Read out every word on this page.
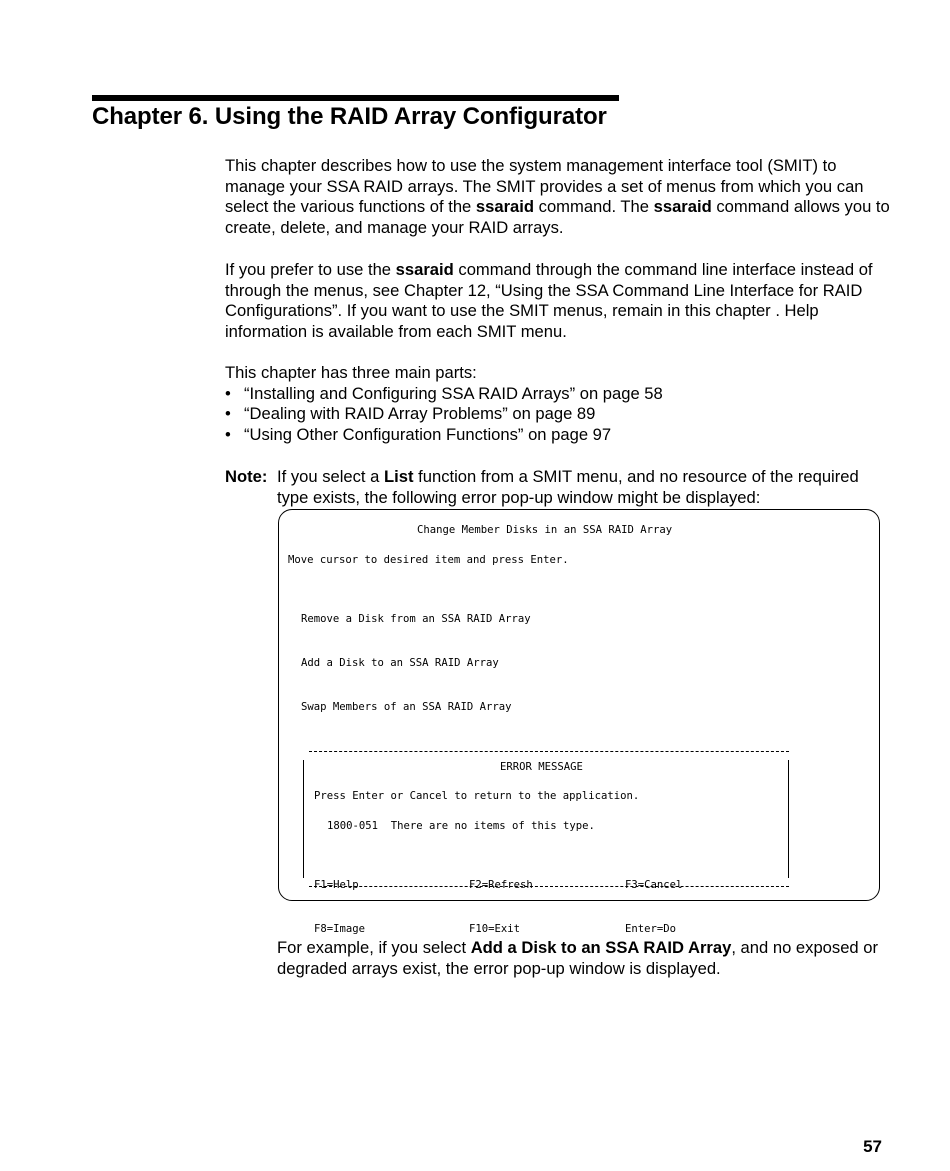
Chapter 6. Using the RAID Array Configurator

This chapter describes how to use the system management interface tool (SMIT) to manage your SSA RAID arrays. The SMIT provides a set of menus from which you can select the various functions of the ssaraid command. The ssaraid command allows you to create, delete, and manage your RAID arrays.

If you prefer to use the ssaraid command through the command line interface instead of through the menus, see Chapter 12, “Using the SSA Command Line Interface for RAID Configurations”. If you want to use the SMIT menus, remain in this chapter . Help information is available from each SMIT menu.

This chapter has three main parts:

• “Installing and Configuring SSA RAID Arrays” on page 58
• “Dealing with RAID Array Problems” on page 89
• “Using Other Configuration Functions” on page 97
Note: If you select a List function from a SMIT menu, and no resource of the required type exists, the following error pop-up window might be displayed:
Change Member Disks in an SSA RAID Array
Move cursor to desired item and press Enter.

Remove a Disk from an SSA RAID Array

Add a Disk to an SSA RAID Array

Swap Members of an SSA RAID Array

ERROR MESSAGE
Press Enter or Cancel to return to the application.
1800-051  There are no items of this type.

F1=Help

	F2=Refresh

	F3=Cancel

F8=Image

	F10=Exit

	Enter=Do

For example, if you select Add a Disk to an SSA RAID Array, and no exposed or degraded arrays exist, the error pop-up window is displayed.
57
